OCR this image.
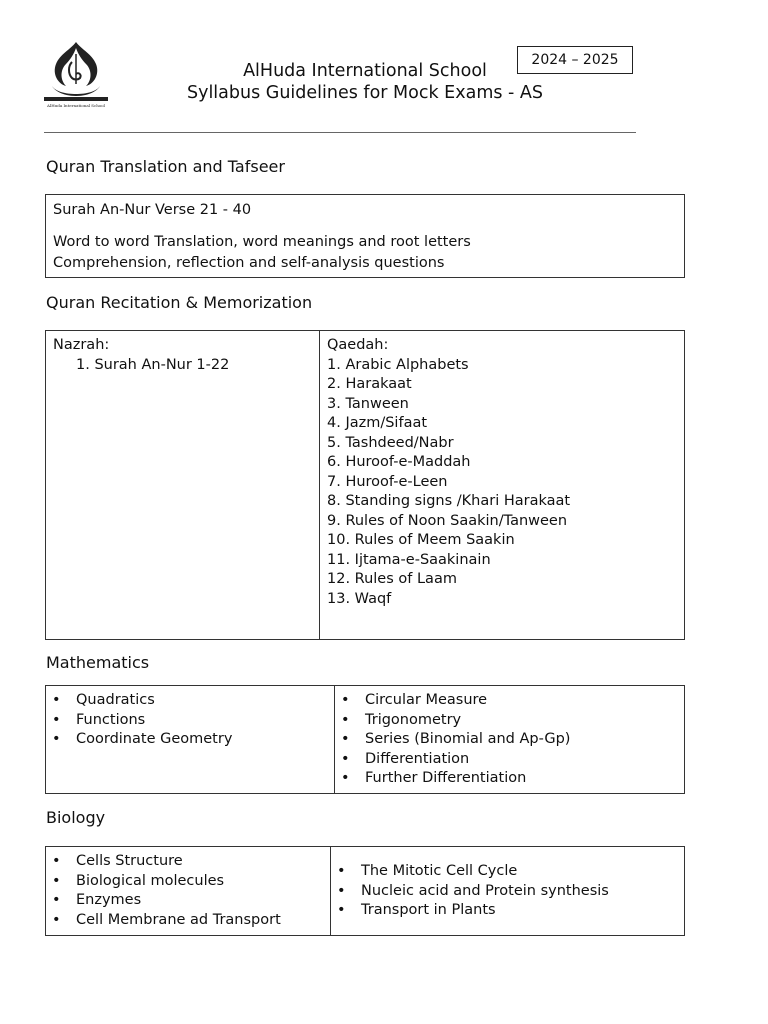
AlHuda International School
2024 – 2025
AlHuda International School
Syllabus Guidelines for Mock Exams - AS
Quran Translation and Tafseer
Surah An-Nur Verse 21 - 40
Word to word Translation, word meanings and root letters
Comprehension, reflection and self-analysis questions
Quran Recitation & Memorization
Nazrah:
1. Surah An-Nur 1-22
Qaedah:
1. Arabic Alphabets
2. Harakaat
3. Tanween
4. Jazm/Sifaat
5. Tashdeed/Nabr
6. Huroof-e-Maddah
7. Huroof-e-Leen
8. Standing signs /Khari Harakaat
9. Rules of Noon Saakin/Tanween
10. Rules of Meem Saakin
11. Ijtama-e-Saakinain
12. Rules of Laam
13. Waqf
Mathematics
• Quadratics
• Functions
• Coordinate Geometry
• Circular Measure
• Trigonometry
• Series (Binomial and Ap-Gp)
• Differentiation
• Further Differentiation
Biology
• Cells Structure
• Biological molecules
• Enzymes
• Cell Membrane ad Transport
• The Mitotic Cell Cycle
• Nucleic acid and Protein synthesis
• Transport in Plants
